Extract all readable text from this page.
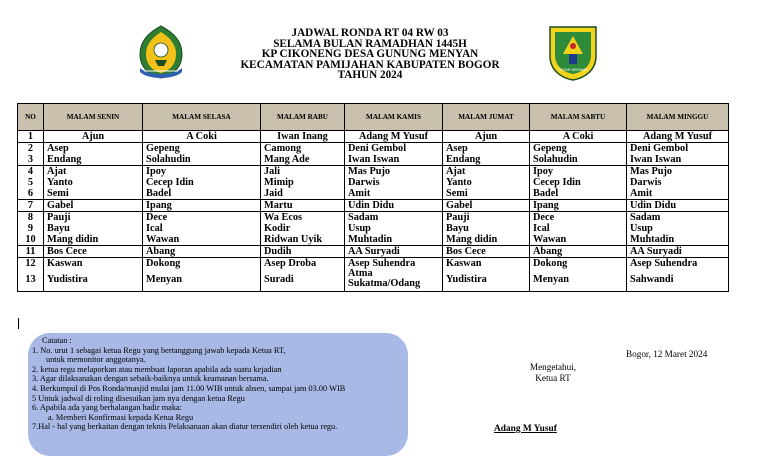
JADWAL RONDA RT 04 RW 03
SELAMA BULAN RAMADHAN 1445H
KP CIKONENG DESA GUNUNG MENYAN
KECAMATAN PAMIJAHAN KABUPATEN BOGOR
TAHUN 2024	TEGAR BERIMAN
NO	MALAM SENIN	MALAM SELASA	MALAM RABU	MALAM KAMIS	MALAM JUMAT	MALAM SABTU	MALAM MINGGU
1	Ajun	A Coki	Iwan Inang	Adang M Yusuf	Ajun	A Coki	Adang M Yusuf
2	Asep	Gepeng	Camong	Deni Gembol	Asep	Gepeng	Deni Gembol
3	Endang	Solahudin	Mang Ade	Iwan Iswan	Endang	Solahudin	Iwan Iswan
4	Ajat	Ipoy	Jali	Mas Pujo	Ajat	Ipoy	Mas Pujo
5	Yanto	Cecep Idin	Mimip	Darwis	Yanto	Cecep Idin	Darwis
6	Semi	Badel	Jaid	Amit	Semi	Badel	Amit
7	Gabel	Ipang	Martu	Udin Didu	Gabel	Ipang	Udin Didu
8	Pauji	Dece	Wa Ecos	Sadam	Pauji	Dece	Sadam
9	Bayu	Ical	Kodir	Usup	Bayu	Ical	Usup
10	Mang didin	Wawan	Ridwan Uyik	Muhtadin	Mang didin	Wawan	Muhtadin
11	Bos Cece	Abang	Dudih	AA Suryadi	Bos Cece	Abang	AA Suryadi
12	Kaswan	Dokong	Asep Droba	Asep Suhendra	Kaswan	Dokong	Asep Suhendra
13	Yudistira	Menyan	Suradi	Atma Sukatma/Odang	Yudistira	Menyan	Sahwandi
Catatan :
1. No. urut 1 sebagai ketua Regu yang bertanggung jawab kepada Ketua RT,
untuk memonitor anggotanya.
2. ketua regu melaporkan atau membuat laporan apabila ada suatu kejadian
3. Agar dilaksanakan dengan sebaik-baiknya untuk keamanan bersama.
4. Berkumpul di Pos Ronda/masjid mulai jam 11.00 WIB untuk absen, sampai jam 03.00 WIB
5 Untuk jadwal di roling disesuikan jam nya dengan ketua Regu
6. Apabila ada yang berhalangan hadir maka:
a. Memberi Konfirmasi kepada Ketua Regu
7.Hal - hal yang berkaitan dengan teknis Pelaksanaan akan diatur tersendiri oleh ketua regu.
Bogor, 12 Maret 2024
Mengetahui,
Ketua RT
Adang M Yusuf
